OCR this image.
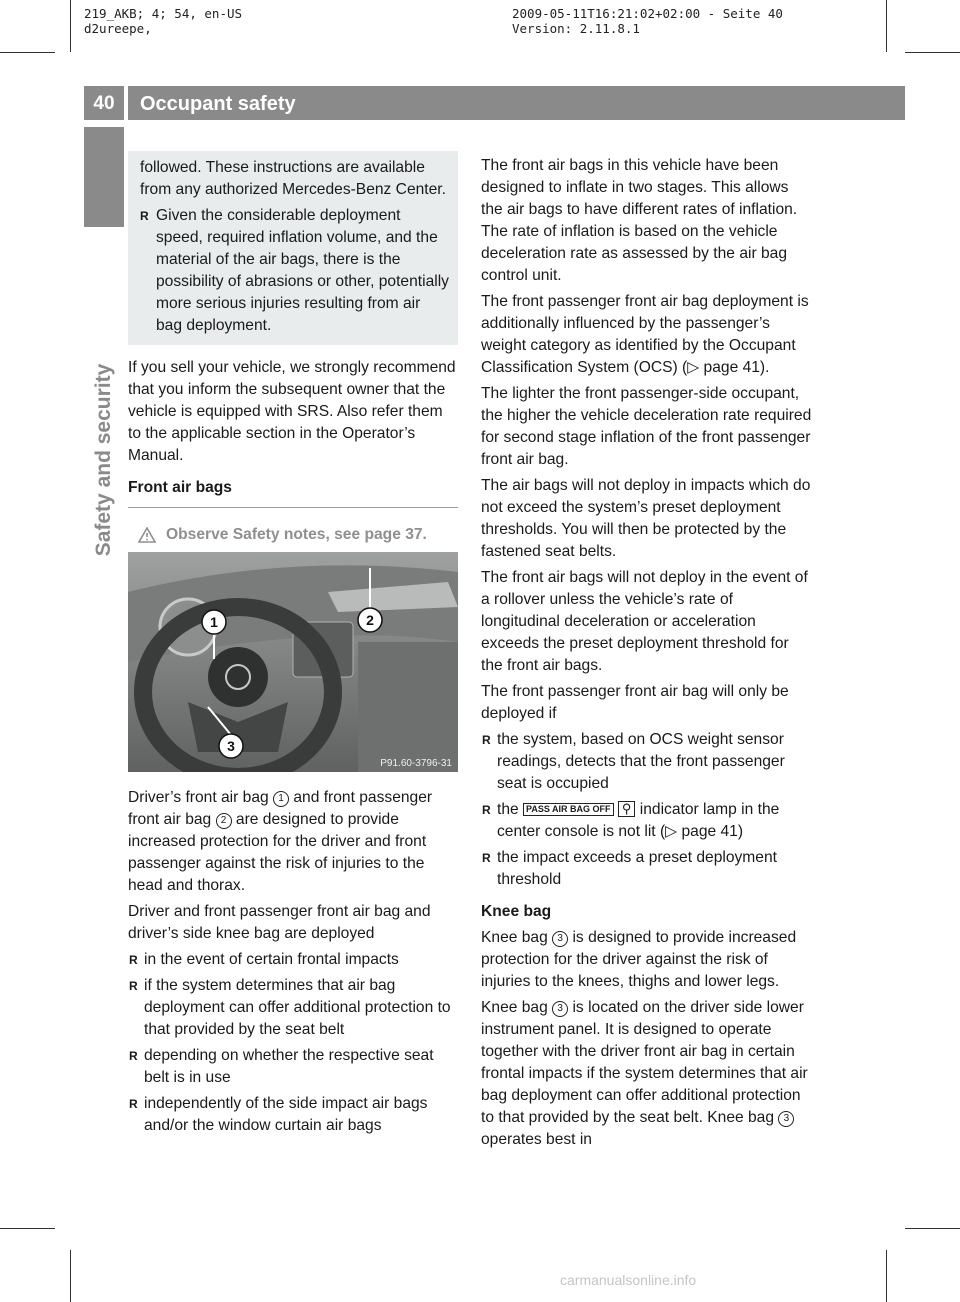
219_AKB; 4; 54, en-US
d2ureepe,
2009-05-11T16:21:02+02:00 - Seite 40
Version: 2.11.8.1
40	Occupant safety
Safety and security

followed. These instructions are available from any authorized Mercedes-Benz Center.

R Given the considerable deployment speed, required inflation volume, and the material of the air bags, there is the possibility of abrasions or other, potentially more serious injuries resulting from air bag deployment.

If you sell your vehicle, we strongly recommend that you inform the subsequent owner that the vehicle is equipped with SRS. Also refer them to the applicable section in the Operator’s Manual.

Front air bags

Observe Safety notes, see page 37.
1	2
3
P91.60-3796-31

Driver’s front air bag 1 and front passenger front air bag 2 are designed to provide increased protection for the driver and front passenger against the risk of injuries to the head and thorax.

Driver and front passenger front air bag and driver’s side knee bag are deployed

R in the event of certain frontal impacts
R if the system determines that air bag deployment can offer additional protection to that provided by the seat belt
R depending on whether the respective seat belt is in use
R independently of the side impact air bags and/or the window curtain air bags

The front air bags in this vehicle have been designed to inflate in two stages. This allows the air bags to have different rates of inflation. The rate of inflation is based on the vehicle deceleration rate as assessed by the air bag control unit.

The front passenger front air bag deployment is additionally influenced by the passenger’s weight category as identified by the Occupant Classification System (OCS) (▷ page 41).

The lighter the front passenger-side occupant, the higher the vehicle deceleration rate required for second stage inflation of the front passenger front air bag.

The air bags will not deploy in impacts which do not exceed the system’s preset deployment thresholds. You will then be protected by the fastened seat belts.

The front air bags will not deploy in the event of a rollover unless the vehicle’s rate of longitudinal deceleration or acceleration exceeds the preset deployment threshold for the front air bags.

The front passenger front air bag will only be deployed if

R the system, based on OCS weight sensor readings, detects that the front passenger seat is occupied
R the PASS AIR BAG OFF ⚲ indicator lamp in the center console is not lit (▷ page 41)
R the impact exceeds a preset deployment threshold

Knee bag

Knee bag 3 is designed to provide increased protection for the driver against the risk of injuries to the knees, thighs and lower legs.

Knee bag 3 is located on the driver side lower instrument panel. It is designed to operate together with the driver front air bag in certain frontal impacts if the system determines that air bag deployment can offer additional protection to that provided by the seat belt. Knee bag 3 operates best in

carmanualsonline.info
